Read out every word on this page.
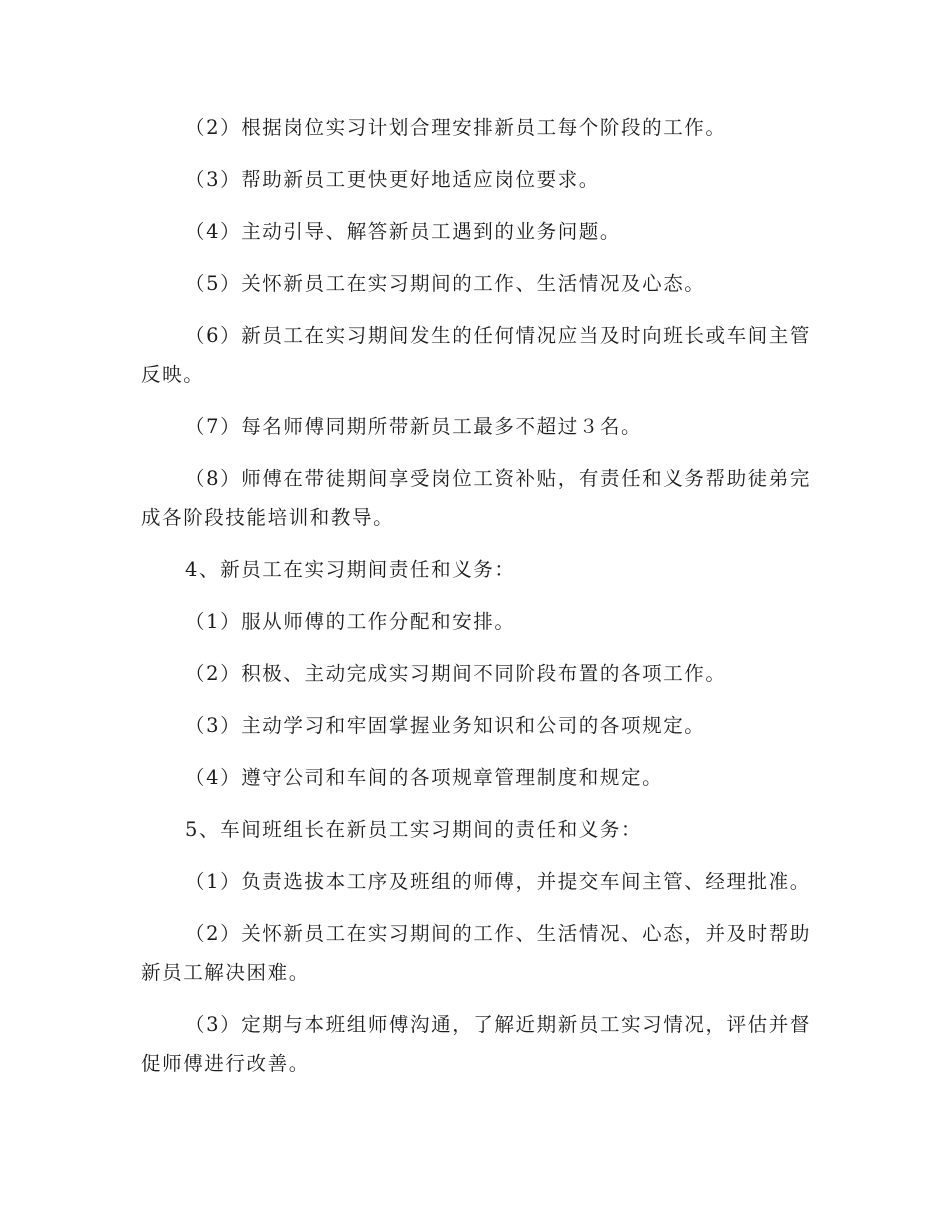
（2）根据岗位实习计划合理安排新员工每个阶段的工作。

（3）帮助新员工更快更好地适应岗位要求。

（4）主动引导、解答新员工遇到的业务问题。

（5）关怀新员工在实习期间的工作、生活情况及心态。

（6）新员工在实习期间发生的任何情况应当及时向班长或车间主管反映。

（7）每名师傅同期所带新员工最多不超过３名。

（8）师傅在带徒期间享受岗位工资补贴，有责任和义务帮助徒弟完成各阶段技能培训和教导。

4、新员工在实习期间责任和义务：

（1）服从师傅的工作分配和安排。

（2）积极、主动完成实习期间不同阶段布置的各项工作。

（3）主动学习和牢固掌握业务知识和公司的各项规定。

（4）遵守公司和车间的各项规章管理制度和规定。

5、车间班组长在新员工实习期间的责任和义务：

（1）负责选拔本工序及班组的师傅，并提交车间主管、经理批准。

（2）关怀新员工在实习期间的工作、生活情况、心态，并及时帮助新员工解决困难。

（3）定期与本班组师傅沟通，了解近期新员工实习情况，评估并督促师傅进行改善。
